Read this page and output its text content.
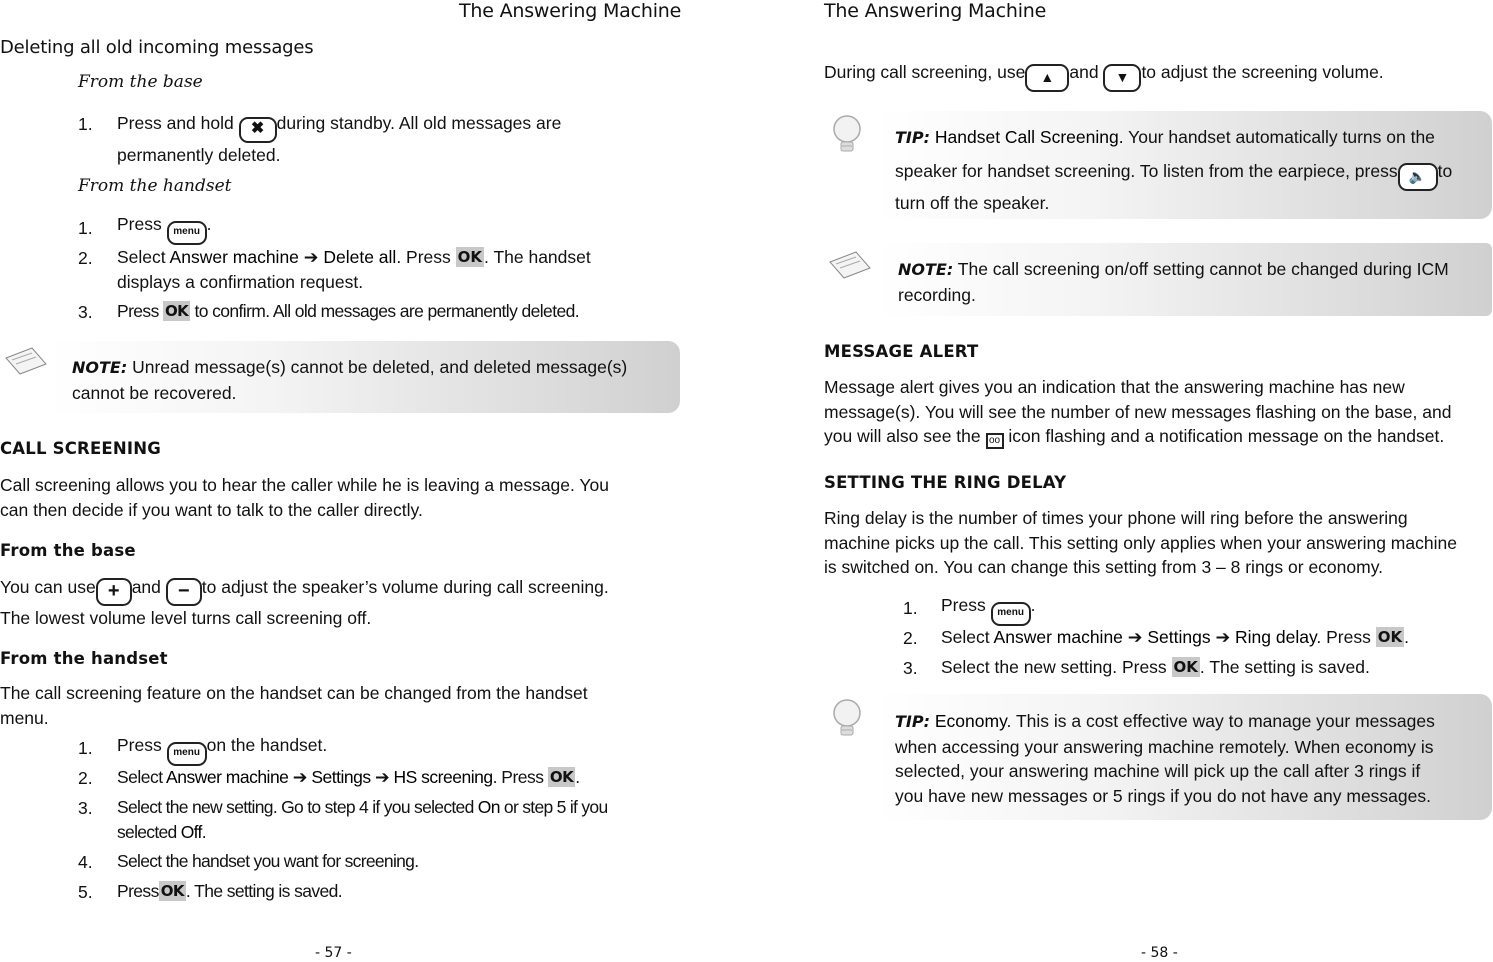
The Answering Machine
Deleting all old incoming messages
From the base
1. Press and hold ✖ during standby. All old messages are
permanently deleted.
From the handset
1. Press menu .
2. Select Answer machine ➔ Delete all. Press OK . The handset
displays a confirmation request.
3. Press OK to confirm. All old messages are permanently deleted.
NOTE: Unread message(s) cannot be deleted, and deleted message(s)
cannot be recovered.
CALL SCREENING
Call screening allows you to hear the caller while he is leaving a message. You
can then decide if you want to talk to the caller directly.
From the base
You can use + and − to adjust the speaker’s volume during call screening.
The lowest volume level turns call screening off.
From the handset
The call screening feature on the handset can be changed from the handset
menu.
1. Press menu on the handset.
2. Select Answer machine ➔ Settings ➔ HS screening. Press OK .
3. Select the new setting. Go to step 4 if you selected On or step 5 if you
selected Off.
4. Select the handset you want for screening.
5. Press OK . The setting is saved.
- 57 -
The Answering Machine
During call screening, use ▲ and ▼ to adjust the screening volume.
TIP: Handset Call Screening. Your handset automatically turns on the
speaker for handset screening. To listen from the earpiece, press 🔈 to
turn off the speaker.
NOTE: The call screening on/off setting cannot be changed during ICM
recording.
MESSAGE ALERT
Message alert gives you an indication that the answering machine has new
message(s). You will see the number of new messages flashing on the base, and
you will also see the oo icon flashing and a notification message on the handset.
SETTING THE RING DELAY
Ring delay is the number of times your phone will ring before the answering
machine picks up the call. This setting only applies when your answering machine
is switched on. You can change this setting from 3 – 8 rings or economy.
1. Press menu .
2. Select Answer machine ➔ Settings ➔ Ring delay. Press OK .
3. Select the new setting. Press OK . The setting is saved.
TIP: Economy. This is a cost effective way to manage your messages
when accessing your answering machine remotely. When economy is
selected, your answering machine will pick up the call after 3 rings if
you have new messages or 5 rings if you do not have any messages.
- 58 -
